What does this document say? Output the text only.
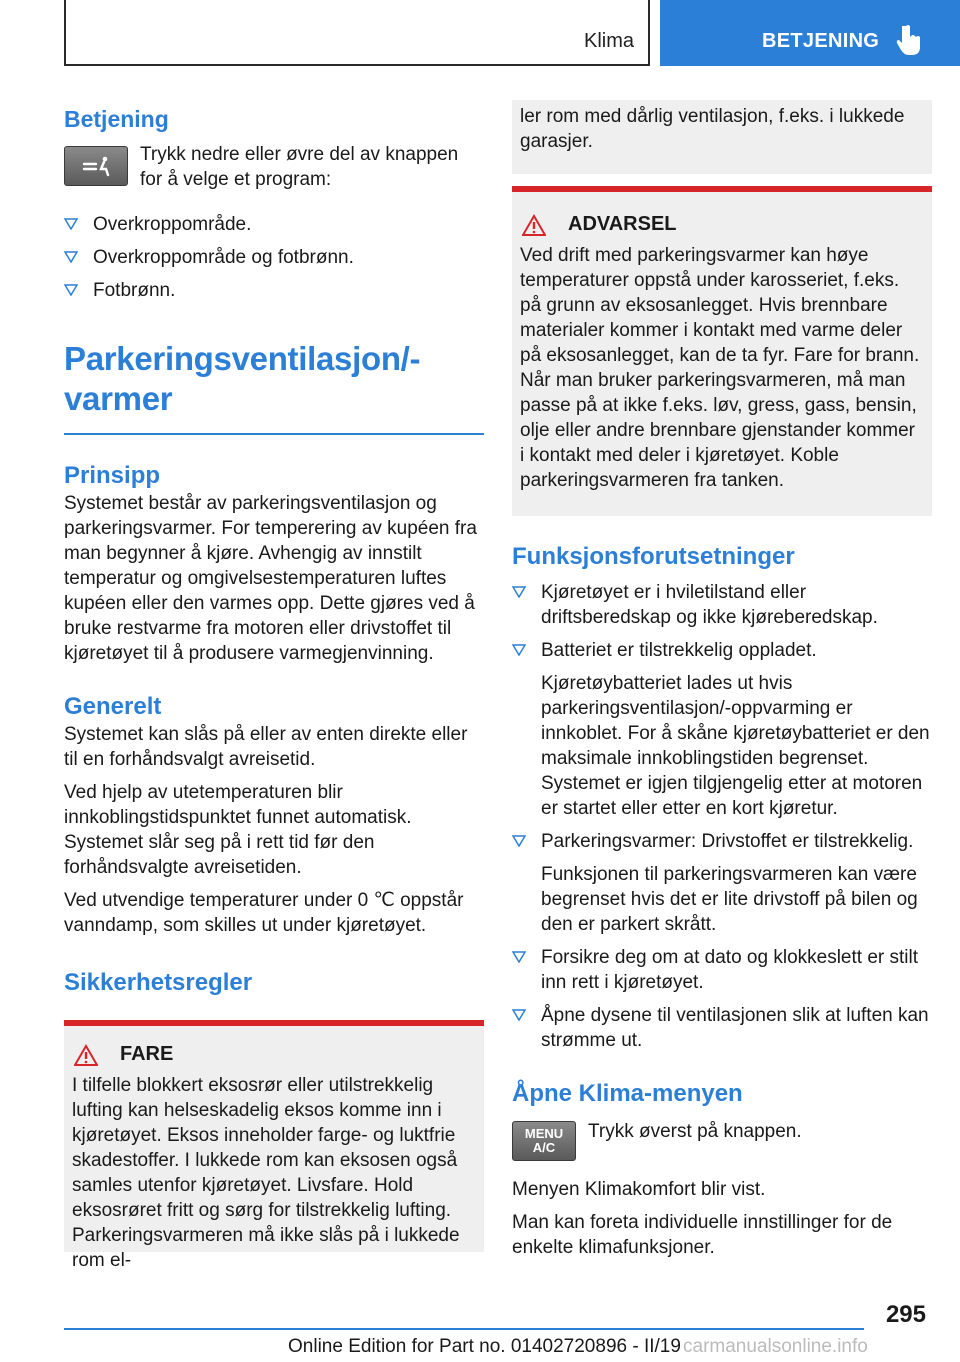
Klima	BETJENING
Betjening
Trykk nedre eller øvre del av knappen for å velge et program:
Overkroppområde.
Overkroppområde og fotbrønn.
Fotbrønn.
Parkeringsventilasjon/-
varmer
Prinsipp

Systemet består av parkeringsventilasjon og parkeringsvarmer. For temperering av kupéen fra man begynner å kjøre. Avhengig av innstilt temperatur og omgivelsestemperaturen luftes kupéen eller den varmes opp. Dette gjøres ved å bruke restvarme fra motoren eller drivstoffet til kjøretøyet til å produsere varmegjenvinning.

Generelt

Systemet kan slås på eller av enten direkte eller til en forhåndsvalgt avreisetid.

Ved hjelp av utetemperaturen blir innkoblingstidspunktet funnet automatisk. Systemet slår seg på i rett tid før den forhåndsvalgte avreisetiden.

Ved utvendige temperaturer under 0 ℃ oppstår vanndamp, som skilles ut under kjøretøyet.

Sikkerhetsregler
FARE

I tilfelle blokkert eksosrør eller utilstrekkelig lufting kan helseskadelig eksos komme inn i kjøretøyet. Eksos inneholder farge- og luktfrie skadestoffer. I lukkede rom kan eksosen også samles utenfor kjøretøyet. Livsfare. Hold eksosrøret fritt og sørg for tilstrekkelig lufting. Parkeringsvarmeren må ikke slås på i lukkede rom el-

ler rom med dårlig ventilasjon, f.eks. i lukkede garasjer.

ADVARSEL

Ved drift med parkeringsvarmer kan høye temperaturer oppstå under karosseriet, f.eks. på grunn av eksosanlegget. Hvis brennbare materialer kommer i kontakt med varme deler på eksosanlegget, kan de ta fyr. Fare for brann. Når man bruker parkeringsvarmeren, må man passe på at ikke f.eks. løv, gress, gass, bensin, olje eller andre brennbare gjenstander kommer i kontakt med deler i kjøretøyet. Koble parkeringsvarmeren fra tanken.

Funksjonsforutsetninger
Kjøretøyet er i hviletilstand eller driftsberedskap og ikke kjøreberedskap.
Batteriet er tilstrekkelig oppladet.
Kjøretøybatteriet lades ut hvis parkeringsventilasjon/-oppvarming er innkoblet. For å skåne kjøretøybatteriet er den maksimale innkoblingstiden begrenset. Systemet er igjen tilgjengelig etter at motoren er startet eller etter en kort kjøretur.
Parkeringsvarmer: Drivstoffet er tilstrekkelig.
Funksjonen til parkeringsvarmeren kan være begrenset hvis det er lite drivstoff på bilen og den er parkert skrått.
Forsikre deg om at dato og klokkeslett er stilt inn rett i kjøretøyet.
Åpne dysene til ventilasjonen slik at luften kan strømme ut.
Åpne Klima-menyen
MENU
A/C
Trykk øverst på knappen.

Menyen Klimakomfort blir vist.

Man kan foreta individuelle innstillinger for de enkelte klimafunksjoner.

295
Online Edition for Part no. 01402720896 - II/19 carmanualsonline.info
